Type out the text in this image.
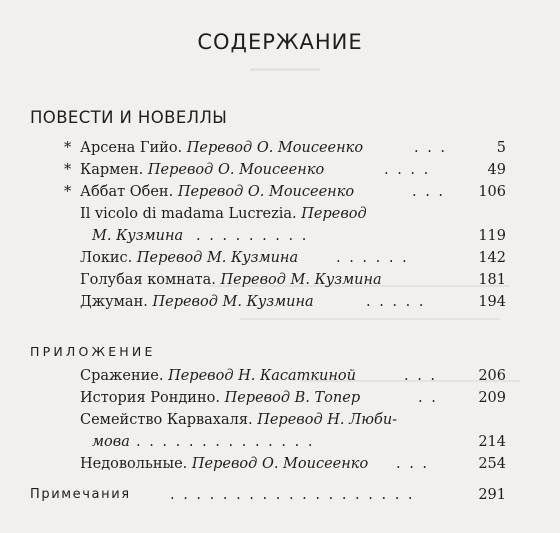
СОДЕРЖАНИЕ
ПОВЕСТИ И НОВЕЛЛЫ
* Арсена Гийо. Перевод О. Моисеенко	. . .	5
* Кармен. Перевод О. Моисеенко	. . . .	49
* Аббат Обен. Перевод О. Моисеенко	. . .	106
Il vicolo di madama Lucrezia. Перевод
М. Кузмина . . . . . . . . .	119
Локис. Перевод М. Кузмина	. . . . . .	142
Голубая комната. Перевод М. Кузмина	181
Джуман. Перевод М. Кузмина	. . . . .	194
ПРИЛОЖЕНИЕ
Сражение. Перевод Н. Касаткиной	. . .	206
История Рондино. Перевод В. Топер	. .	209
Семейство Карвахаля. Перевод Н. Люби-
мова . . . . . . . . . . . . . .	214
Недовольные. Перевод О. Моисеенко . . .	254
Примечания	. . . . . . . . . . . . . . . . . . .	291
